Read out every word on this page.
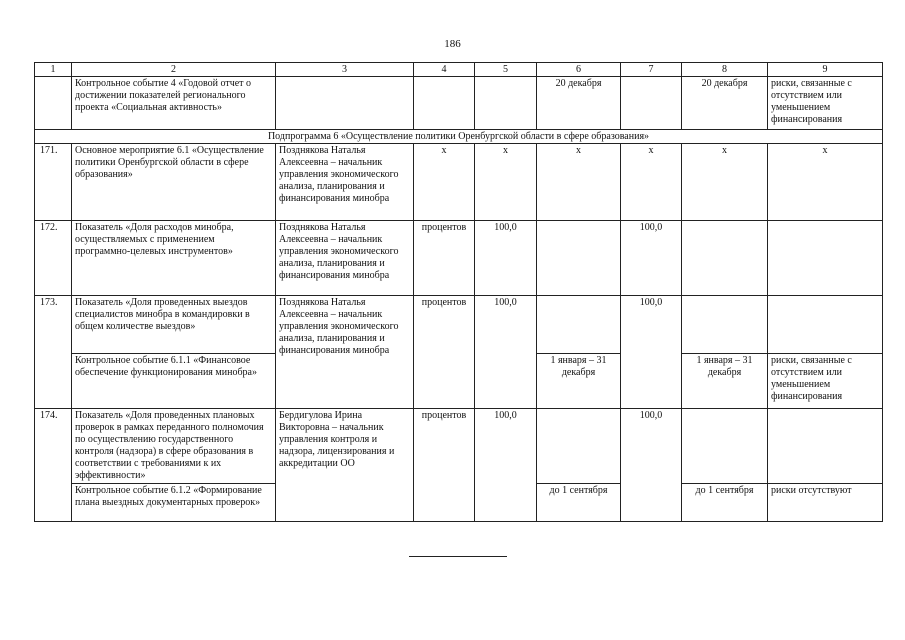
186
1	2	3	4	5	6	7	8	9
	Контрольное событие 4 «Годовой отчет о достижении показателей регионального проекта «Социальная активность»				20 декабря		20 декабря	риски, связанные с отсутствием или уменьшением финансирования
Подпрограмма 6 «Осуществление политики Оренбургской области в сфере образования»								
171.	Основное мероприятие 6.1 «Осуществление политики Оренбургской области в сфере образования»	Позднякова Наталья Алексеевна – начальник управления экономического анализа, планирования и финансирования минобра	х	х	х	х	х	х
172.	Показатель «Доля расходов минобра, осуществляемых с применением программно-целевых инструментов»	Позднякова Наталья Алексеевна – начальник управления экономического анализа, планирования и финансирования минобра	процентов	100,0		100,0		
173.	Показатель «Доля проведенных выездов специалистов минобра в командировки в общем количестве выездов»	Позднякова Наталья Алексеевна – начальник управления экономического анализа, планирования и финансирования минобра	процентов	100,0		100,0		
	Контрольное событие 6.1.1 «Финансовое обеспечение функционирования минобра»				1 января – 31 декабря		1 января – 31 декабря	риски, связанные с отсутствием или уменьшением финансирования
174.	Показатель «Доля проведенных плановых проверок в рамках переданного полномочия по осуществлению государственного контроля (надзора) в сфере образования в соответствии с требованиями к их эффективности»	Бердигулова Ирина Викторовна – начальник управления контроля и надзора, лицензирования и аккредитации ОО	процентов	100,0		100,0		
	Контрольное событие 6.1.2 «Формирование плана выездных документарных проверок»				до 1 сентября		до 1 сентября	риски отсутствуют
